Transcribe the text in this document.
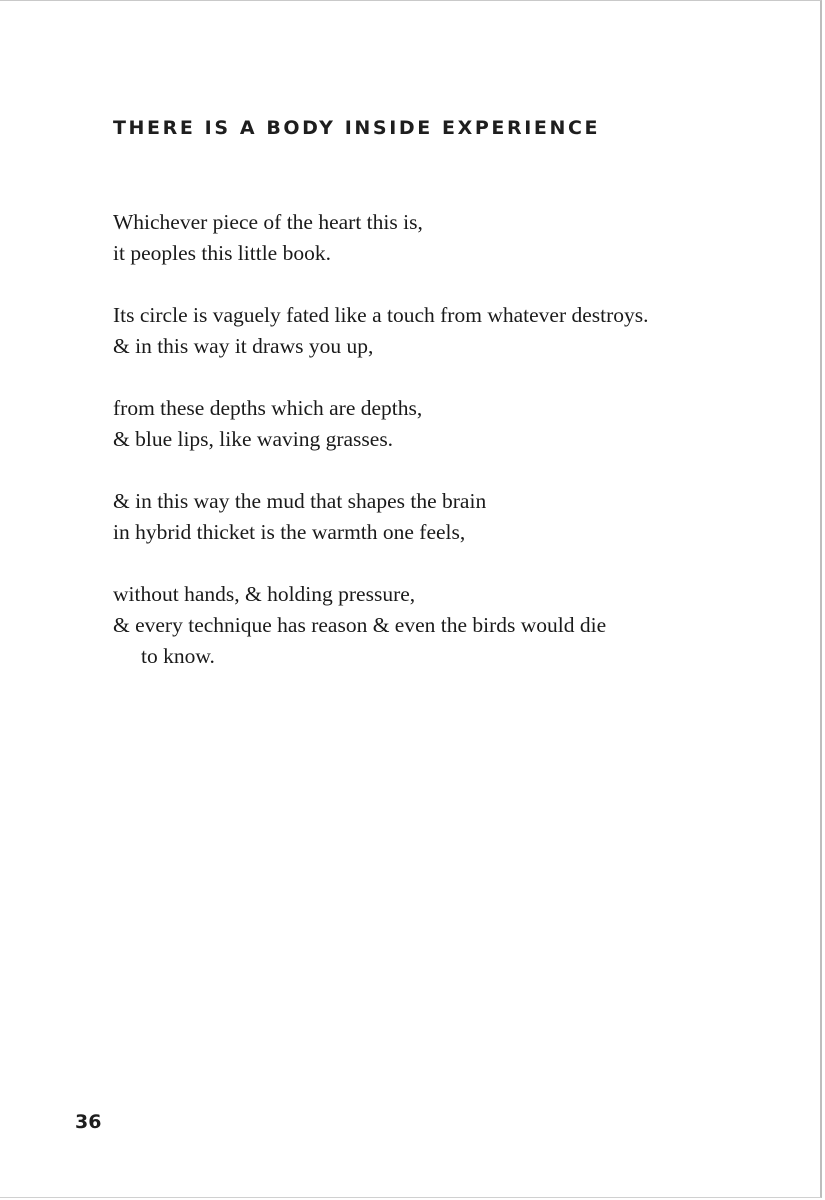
THERE IS A BODY INSIDE EXPERIENCE

Whichever piece of the heart this is,
it peoples this little book.

Its circle is vaguely fated like a touch from whatever destroys.
& in this way it draws you up,

from these depths which are depths,
& blue lips, like waving grasses.

& in this way the mud that shapes the brain
in hybrid thicket is the warmth one feels,

without hands, & holding pressure,
& every technique has reason & even the birds would die
to know.

36
